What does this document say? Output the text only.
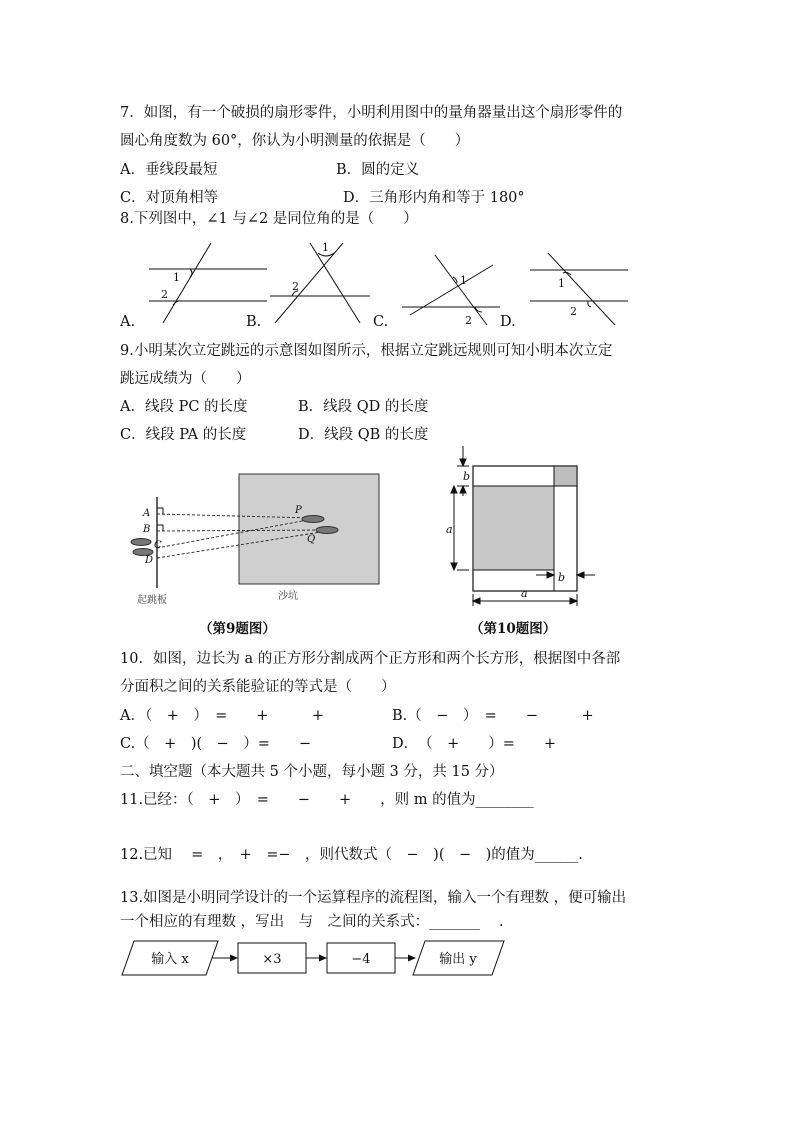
7．如图，有一个破损的扇形零件，小明利用图中的量角器量出这个扇形零件的
圆心角度数为 60°，你认为小明测量的依据是（　　）
A．垂线段最短	B．圆的定义
C．对顶角相等	D．三角形内角和等于 180°
8.下列图中，∠1 与∠2 是同位角的是（　　）
1
2
1
2	1
2
1
2
A.	B.	C.	D.
9.小明某次立定跳远的示意图如图所示，根据立定跳远规则可知小明本次立定
跳远成绩为（　　）
A．线段 PC 的长度	B．线段 QD 的长度
C．线段 PA 的长度	D．线段 QB 的长度
A
B
C
D
P
Q
起跳板	沙坑
（第9题图）
b
a
b
a
（第10题图）
10．如图，边长为 a 的正方形分割成两个正方形和两个长方形，根据图中各部
分面积之间的关系能验证的等式是（　　）
A．（　+　）　=　　+　　　+	B.（　−　）　=　　−　　　+
C.（　+　)(　−　）=　　−	D．　（　+　　）=　　+
二、填空题（本大题共 5 个小题，每小题 3 分，共 15 分）
11.已经：（　+　）　=　　−　　+　　，则 m 的值为________
12.已知　 =　，　+　=−　，则代数式（　−　)(　−　)的值为______.
13.如图是小明同学设计的一个运算程序的流程图，输入一个有理数 ，便可输出
一个相应的有理数 ，写出　与　之间的关系式：_______　 .
输入 x	×3	−4	输出 y
